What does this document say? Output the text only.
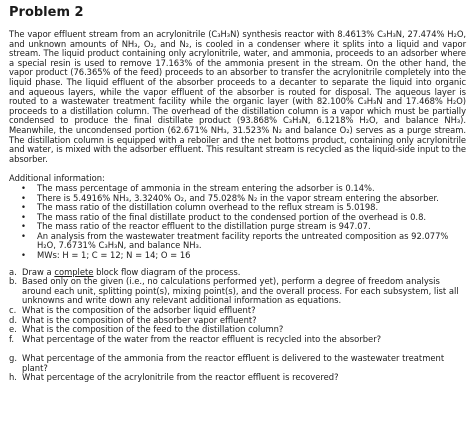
Problem 2

The vapor effluent stream from an acrylonitrile (C₃H₃N) synthesis reactor with 8.4613% C₃H₃N, 27.474% H₂O, and unknown amounts of NH₃, O₂, and N₂, is cooled in a condenser where it splits into a liquid and vapor stream. The liquid product containing only acrylonitrile, water, and ammonia, proceeds to an adsorber where a special resin is used to remove 17.163% of the ammonia present in the stream. On the other hand, the vapor product (76.365% of the feed) proceeds to an absorber to transfer the acrylonitrile completely into the liquid phase. The liquid effluent of the absorber proceeds to a decanter to separate the liquid into organic and aqueous layers, while the vapor effluent of the absorber is routed for disposal. The aqueous layer is routed to a wastewater treatment facility while the organic layer (with 82.100% C₃H₃N and 17.468% H₂O) proceeds to a distillation column. The overhead of the distillation column is a vapor which must be partially condensed to produce the final distillate product (93.868% C₃H₃N, 6.1218% H₂O, and balance NH₃). Meanwhile, the uncondensed portion (62.671% NH₃, 31.523% N₂ and balance O₂) serves as a purge stream. The distillation column is equipped with a reboiler and the net bottoms product, containing only acrylonitrile and water, is mixed with the adsorber effluent. This resultant stream is recycled as the liquid-side input to the absorber.

Additional information:

• The mass percentage of ammonia in the stream entering the adsorber is 0.14%.
• There is 5.4916% NH₃, 3.3240% O₂, and 75.028% N₂ in the vapor stream entering the absorber.
• The mass ratio of the distillation column overhead to the reflux stream is 5.0198.
• The mass ratio of the final distillate product to the condensed portion of the overhead is 0.8.
• The mass ratio of the reactor effluent to the distillation purge stream is 947.07.
• An analysis from the wastewater treatment facility reports the untreated composition as 92.077% H₂O, 7.6731% C₃H₃N, and balance NH₃.
• MWs: H = 1; C = 12; N = 14; O = 16
a. Draw a complete block flow diagram of the process.
b. Based only on the given (i.e., no calculations performed yet), perform a degree of freedom analysis around each unit, splitting point(s), mixing point(s), and the overall process. For each subsystem, list all unknowns and write down any relevant additional information as equations.
c. What is the composition of the adsorber liquid effluent?
d. What is the composition of the absorber vapor effluent?
e. What is the composition of the feed to the distillation column?
f. What percentage of the water from the reactor effluent is recycled into the absorber?
g. What percentage of the ammonia from the reactor effluent is delivered to the wastewater treatment plant?
h. What percentage of the acrylonitrile from the reactor effluent is recovered?
